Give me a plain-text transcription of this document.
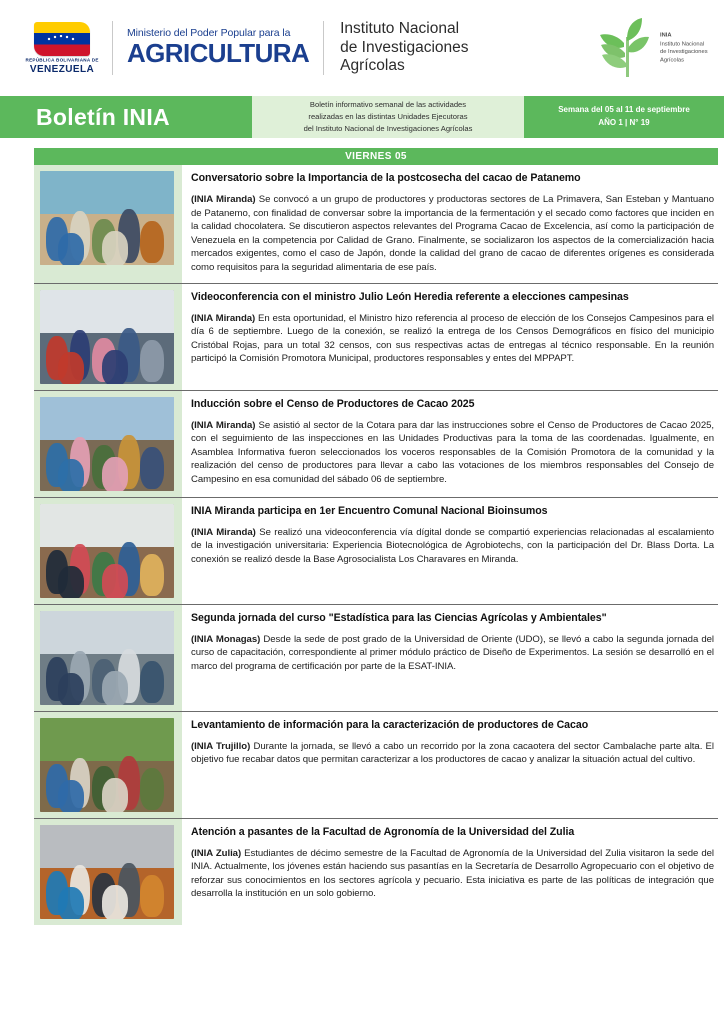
REPÚBLICA BOLIVARIANA DE
VENEZUELA
Ministerio del Poder Popular para la
AGRICULTURA
Instituto Nacional
de Investigaciones
Agrícolas
INIA
Instituto Nacional
de Investigaciones
Agrícolas
Boletín INIA	Boletín informativo semanal de las actividades
realizadas en las distintas Unidades Ejecutoras
del Instituto Nacional de Investigaciones Agrícolas
Semana del 05 al 11 de septiembre
AÑO 1 | N° 19
VIERNES 05
Conversatorio sobre la Importancia de la postcosecha del cacao de Patanemo

(INIA Miranda) Se convocó a un grupo de productores y productoras sectores de La Primavera, San Esteban y Mantuano de Patanemo, con finalidad de conversar sobre la importancia de la fermentación y el secado como factores que inciden en la calidad chocolatera. Se discutieron aspectos relevantes del Programa Cacao de Excelencia, así como la participación de Venezuela en la competencia por Calidad de Grano. Finalmente, se socializaron los aspectos de la comercialización hacia mercados exigentes, como el caso de Japón, donde la calidad del grano de cacao de diferentes orígenes es considerada como requisitos para la seguridad alimentaria de ese país.

Videoconferencia con el ministro Julio León Heredia referente a elecciones campesinas

(INIA Miranda) En esta oportunidad, el Ministro hizo referencia al proceso de elección de los Consejos Campesinos para el día 6 de septiembre. Luego de la conexión, se realizó la entrega de los Censos Demográficos en físico del municipio Cristóbal Rojas, para un total 32 censos, con sus respectivas actas de entregas al técnico responsable. En la reunión participó la Comisión Promotora Municipal, productores responsables y entes del MPPAPT.

Inducción sobre el Censo de Productores de Cacao 2025

(INIA Miranda) Se asistió al sector de la Cotara para dar las instrucciones sobre el Censo de Productores de Cacao 2025, con el seguimiento de las inspecciones en las Unidades Productivas para la toma de las coordenadas. Igualmente, en Asamblea Informativa fueron seleccionados los voceros responsables de la Comisión Promotora de la comunidad y la realización del censo de productores para llevar a cabo las votaciones de los miembros responsables del Consejo de Campesino en esa comunidad del sábado 06 de septiembre.

INIA Miranda participa en 1er Encuentro Comunal Nacional Bioinsumos

(INIA Miranda) Se realizó una videoconferencia vía dígital donde se compartió experiencias relacionadas al escalamiento de la investigación universitaria: Experiencia Biotecnológica de Agrobiotechs, con la participación del Dr. Blass Dorta. La conexión se realizó desde la Base Agrosocialista Los Charavares en Miranda.

Segunda jornada del curso "Estadística para las Ciencias Agrícolas y Ambientales"

(INIA Monagas) Desde la sede de post grado de la Universidad de Oriente (UDO), se llevó a cabo la segunda jornada del curso de capacitación, correspondiente al primer módulo práctico de Diseño de Experimentos. La sesión se desarrolló en el marco del programa de certificación por parte de la ESAT-INIA.

Levantamiento de información para la caracterización de productores de Cacao

(INIA Trujillo) Durante la jornada, se llevó a cabo un recorrido por la zona cacaotera del sector Cambalache parte alta. El objetivo fue recabar datos que permitan caracterizar a los productores de cacao y analizar la situación actual del cultivo.

Atención a pasantes de la Facultad de Agronomía de la Universidad del Zulia

(INIA Zulia) Estudiantes de décimo semestre de la Facultad de Agronomía de la Universidad del Zulia visitaron la sede del INIA. Actualmente, los jóvenes están haciendo sus pasantías en la Secretaría de Desarrollo Agropecuario con el objetivo de reforzar sus conocimientos en los sectores agrícola y pecuario. Esta iniciativa es parte de las políticas de integración que desarrolla la institución en un solo gobierno.
